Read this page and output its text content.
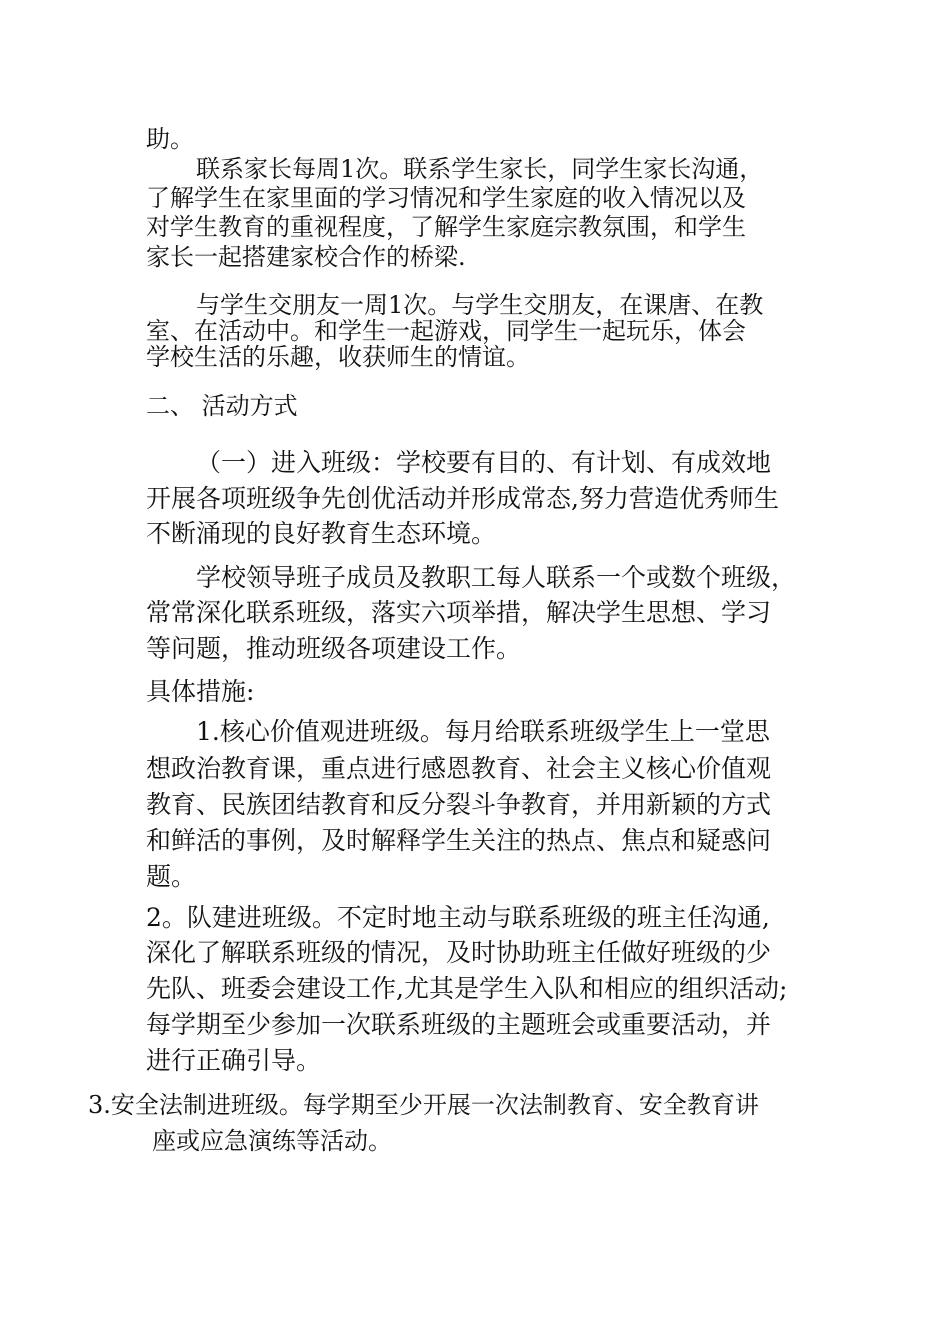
助。

联系家长每周1次。联系学生家长，同学生家长沟通，

了解学生在家里面的学习情况和学生家庭的收入情况以及

对学生教育的重视程度，了解学生家庭宗教氛围，和学生

家长一起搭建家校合作的桥梁.

与学生交朋友一周1次。与学生交朋友，在课唐、在教

室、在活动中。和学生一起游戏，同学生一起玩乐，体会

学校生活的乐趣，收获师生的情谊。

二、 活动方式

（一）进入班级：学校要有目的、有计划、有成效地

开展各项班级争先创优活动并形成常态,努力营造优秀师生

不断涌现的良好教育生态环境。

学校领导班子成员及教职工每人联系一个或数个班级，

常常深化联系班级，落实六项举措，解决学生思想、学习

等问题，推动班级各项建设工作。

具体措施:

1.核心价值观进班级。每月给联系班级学生上一堂思

想政治教育课，重点进行感恩教育、社会主义核心价值观

教育、民族团结教育和反分裂斗争教育，并用新颖的方式

和鲜活的事例，及时解释学生关注的热点、焦点和疑惑问

题。

2。队建进班级。不定时地主动与联系班级的班主任沟通,

深化了解联系班级的情况，及时协助班主任做好班级的少

先队、班委会建设工作,尤其是学生入队和相应的组织活动;

每学期至少参加一次联系班级的主题班会或重要活动，并

进行正确引导。

3.安全法制进班级。每学期至少开展一次法制教育、安全教育讲

座或应急演练等活动。
